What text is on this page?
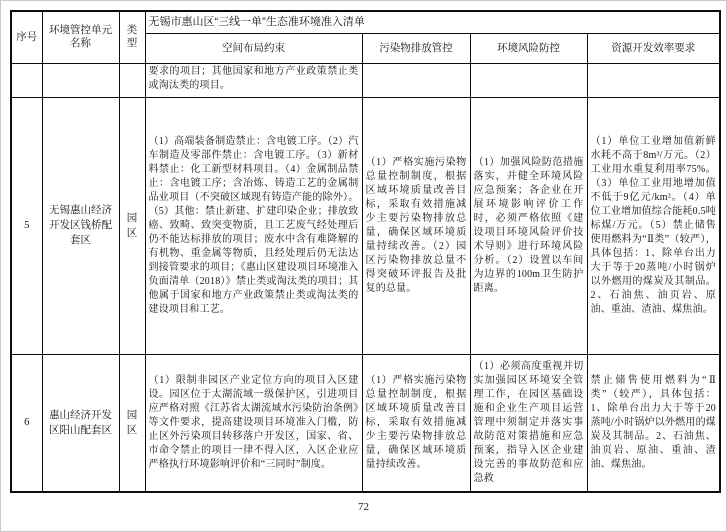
序号	环境管控单元名称	类型	无锡市惠山区“三线一单”生态准环境准入清单			
			空间布局约束	污染物排放管控	环境风险防控	资源开发效率要求
			要求的项目；其他国家和地方产业政策禁止类或淘汰类的项目。			
5	无锡惠山经济开发区钱桥配套区	园区	（1）高端装备制造禁止：含电镀工序。（2）汽车制造及零部件禁止：含电镀工序。（3）新材料禁止：化工新型材料项目。（4）金属制品禁止：含电镀工序；含冶炼、铸造工艺的金属制品业项目（不突破区域现有铸造产能的除外）。（5）其他：禁止新建、扩建印染企业；排放致癌、致畸、致突变物质，且工艺废气经处理后仍不能达标排放的项目；废水中含有难降解的有机物、重金属等物质，且经处理后仍无法达到接管要求的项目；《惠山区建设项目环境准入负面清单（2018）》禁止类或淘汰类的项目；其他属于国家和地方产业政策禁止类或淘汰类的建设项目和工艺。	（1）严格实施污染物总量控制制度，根据区域环境质量改善目标，采取有效措施减少主要污染物排放总量，确保区域环境质量持续改善。（2）园区污染物排放总量不得突破环评报告及批复的总量。	（1）加强风险防范措施落实，并健全环境风险应急预案；各企业在开展环境影响评价工作时，必须严格依照《建设项目环境风险评价技术导则》进行环境风险分析。（2）设置以车间为边界的100m卫生防护距离。	（1）单位工业增加值新鲜水耗不高于8m³/万元。（2）工业用水重复利用率75%。（3）单位工业用地增加值不低于9亿元/km²。（4）单位工业增加值综合能耗0.5吨标煤/万元。（5）禁止储售使用燃料为“Ⅱ类”（较严），具体包括：1、除单台出力大于等于20蒸吨/小时锅炉以外燃用的煤炭及其制品。2、石油焦、油页岩、原油、重油、渣油、煤焦油。
6	惠山经济开发区阳山配套区	园区	（1）限制非园区产业定位方向的项目入区建设。园区位于太湖流域一级保护区，引进项目应严格对照《江苏省太湖流域水污染防治条例》等文件要求，提高建设项目环境准入门槛，防止区外污染项目转移落户开发区，国家、省、市命令禁止的项目一律不得入区，入区企业应严格执行环境影响评价和“三同时”制度。	（1）严格实施污染物总量控制制度，根据区域环境质量改善目标，采取有效措施减少主要污染物排放总量，确保区域环境质量持续改善。	（1）必须高度重视并切实加强园区环境安全管理工作，在园区基础设施和企业生产项目运营管理中须制定并落实事故防范对策措施和应急预案，指导入区企业建设完善的事故防范和应急救	禁止储售使用燃料为“Ⅱ类”（较严），具体包括：1、除单台出力大于等于20蒸吨/小时锅炉以外燃用的煤炭及其制品。2、石油焦、油页岩、原油、重油、渣油、煤焦油。
72
